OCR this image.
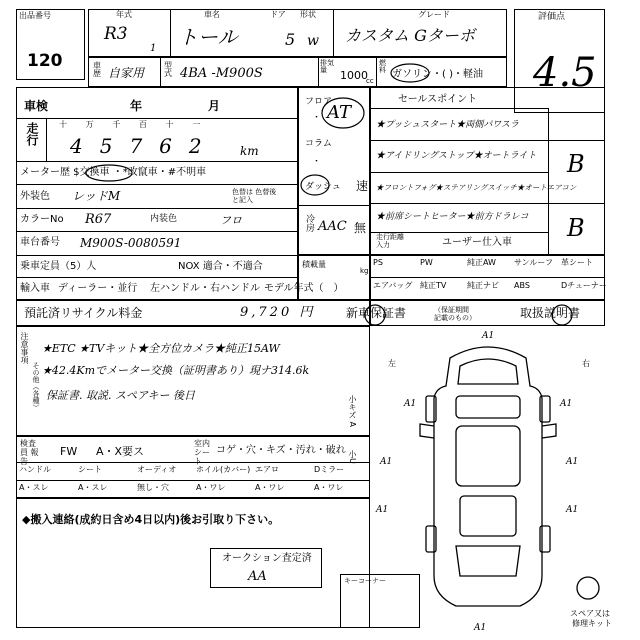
出品番号
120
年式
R3
1
車名
トール
ドア
5
形状
w
グレード
カスタム Gターボ
評価点
4.5
車歴 自家用
型式 4BA -M900S
排気量	1000
cc
燃料 ガソリン・( )・軽油
車検	年	月
走行	十 万 千 百 十 一
45762 km
メーター歴 $交換車 ・*改竄車・#不明車
外装色 レッドM	色替は 色替後と記入
カラーNo R67	内装色	フロ
車台番号 M900S-0080591
乗車定員（5）人	NOX 適合・不適合
輸入車 ディーラー・並行 左ハンドル・右ハンドル
積載量
kg
モデル年式（　）
預託済リサイクル料金	9,720 円
フロア
・
コラム
・
ダッシュ
AT
速
冷房 AAC 無
セールスポイント
★プッシュスタート★両側パワスラ
★アイドリングストップ★オートライト
★フロントフォグ★ステアリングスイッチ★オートエアコン
★前席シートヒーター★前方ドラレコ
走行距離 入力	ユーザー仕入車
B
B
PS	PW	純正AW サンルーフ 革シート
エアバッグ 純正TV	純正ナビ ABS	Dチューナー
新車保証書	（保証期間 記載のもの）	取扱説明書
注意事項
その他（各種）
★ETC ★TVキット★全方位カメラ★純正15AW
★42.4Kmでメーター交換（証明書あり）現ナ314.6k
保証書. 取説. スペアキー 後日
検査員 報告
FW A・X要ス
室内シート
コゲ・穴・キズ・汚れ・破れ
ハンドル	シート	オーディオ ホイル(カバー) エアロ	Dミラー
A・スレ	A・スレ	無し・穴	A・ワレ	A・ワレ	A・ワレ
◆搬入連絡(成約日含め4日以内)後お引取り下さい。
オークション査定済
AA	キーコーナー
A1
A1	A1
A1	A1
A1	A1
A1
左	右
スペア又は
修理キット
小キズ A
小U
